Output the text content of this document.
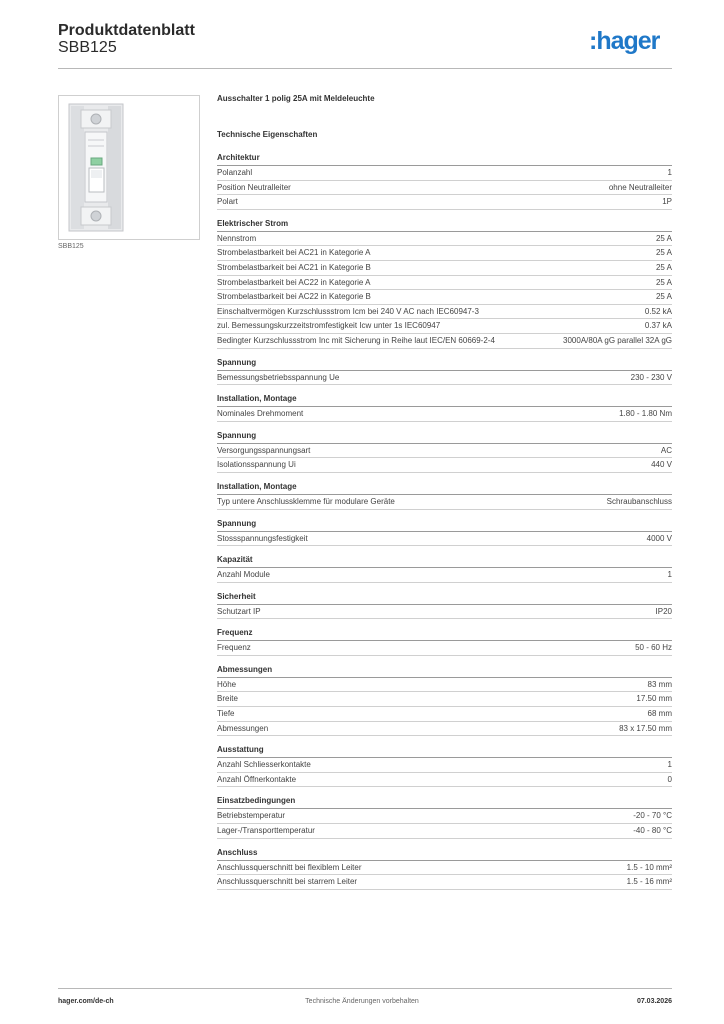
Produktdatenblatt
SBB125	:hager
SBB125
Ausschalter 1 polig 25A mit Meldeleuchte
Technische Eigenschaften
Architektur
Polanzahl	1
Position Neutralleiter	ohne Neutralleiter
Polart	1P
Elektrischer Strom
Nennstrom	25 A
Strombelastbarkeit bei AC21 in Kategorie A	25 A
Strombelastbarkeit bei AC21 in Kategorie B	25 A
Strombelastbarkeit bei AC22 in Kategorie A	25 A
Strombelastbarkeit bei AC22 in Kategorie B	25 A
Einschaltvermögen Kurzschlussstrom Icm bei 240 V AC nach IEC60947-3	0.52 kA
zul. Bemessungskurzzeitstromfestigkeit Icw unter 1s IEC60947	0.37 kA
Bedingter Kurzschlussstrom Inc mit Sicherung in Reihe laut IEC/EN 60669-2-4	3000A/80A gG parallel 32A gG
Spannung
Bemessungsbetriebsspannung Ue	230 - 230 V
Installation, Montage
Nominales Drehmoment	1.80 - 1.80 Nm
Spannung
Versorgungsspannungsart	AC
Isolationsspannung Ui	440 V
Installation, Montage
Typ untere Anschlussklemme für modulare Geräte	Schraubanschluss
Spannung
Stossspannungsfestigkeit	4000 V
Kapazität
Anzahl Module	1
Sicherheit
Schutzart IP	IP20
Frequenz
Frequenz	50 - 60 Hz
Abmessungen
Höhe	83 mm
Breite	17.50 mm
Tiefe	68 mm
Abmessungen	83 x 17.50 mm
Ausstattung
Anzahl Schliesserkontakte	1
Anzahl Öffnerkontakte	0
Einsatzbedingungen
Betriebstemperatur	-20 - 70 °C
Lager-/Transporttemperatur	-40 - 80 °C
Anschluss
Anschlussquerschnitt bei flexiblem Leiter	1.5 - 10 mm²
Anschlussquerschnitt bei starrem Leiter	1.5 - 16 mm²
hager.com/de-ch	Technische Änderungen vorbehalten	07.03.2026
